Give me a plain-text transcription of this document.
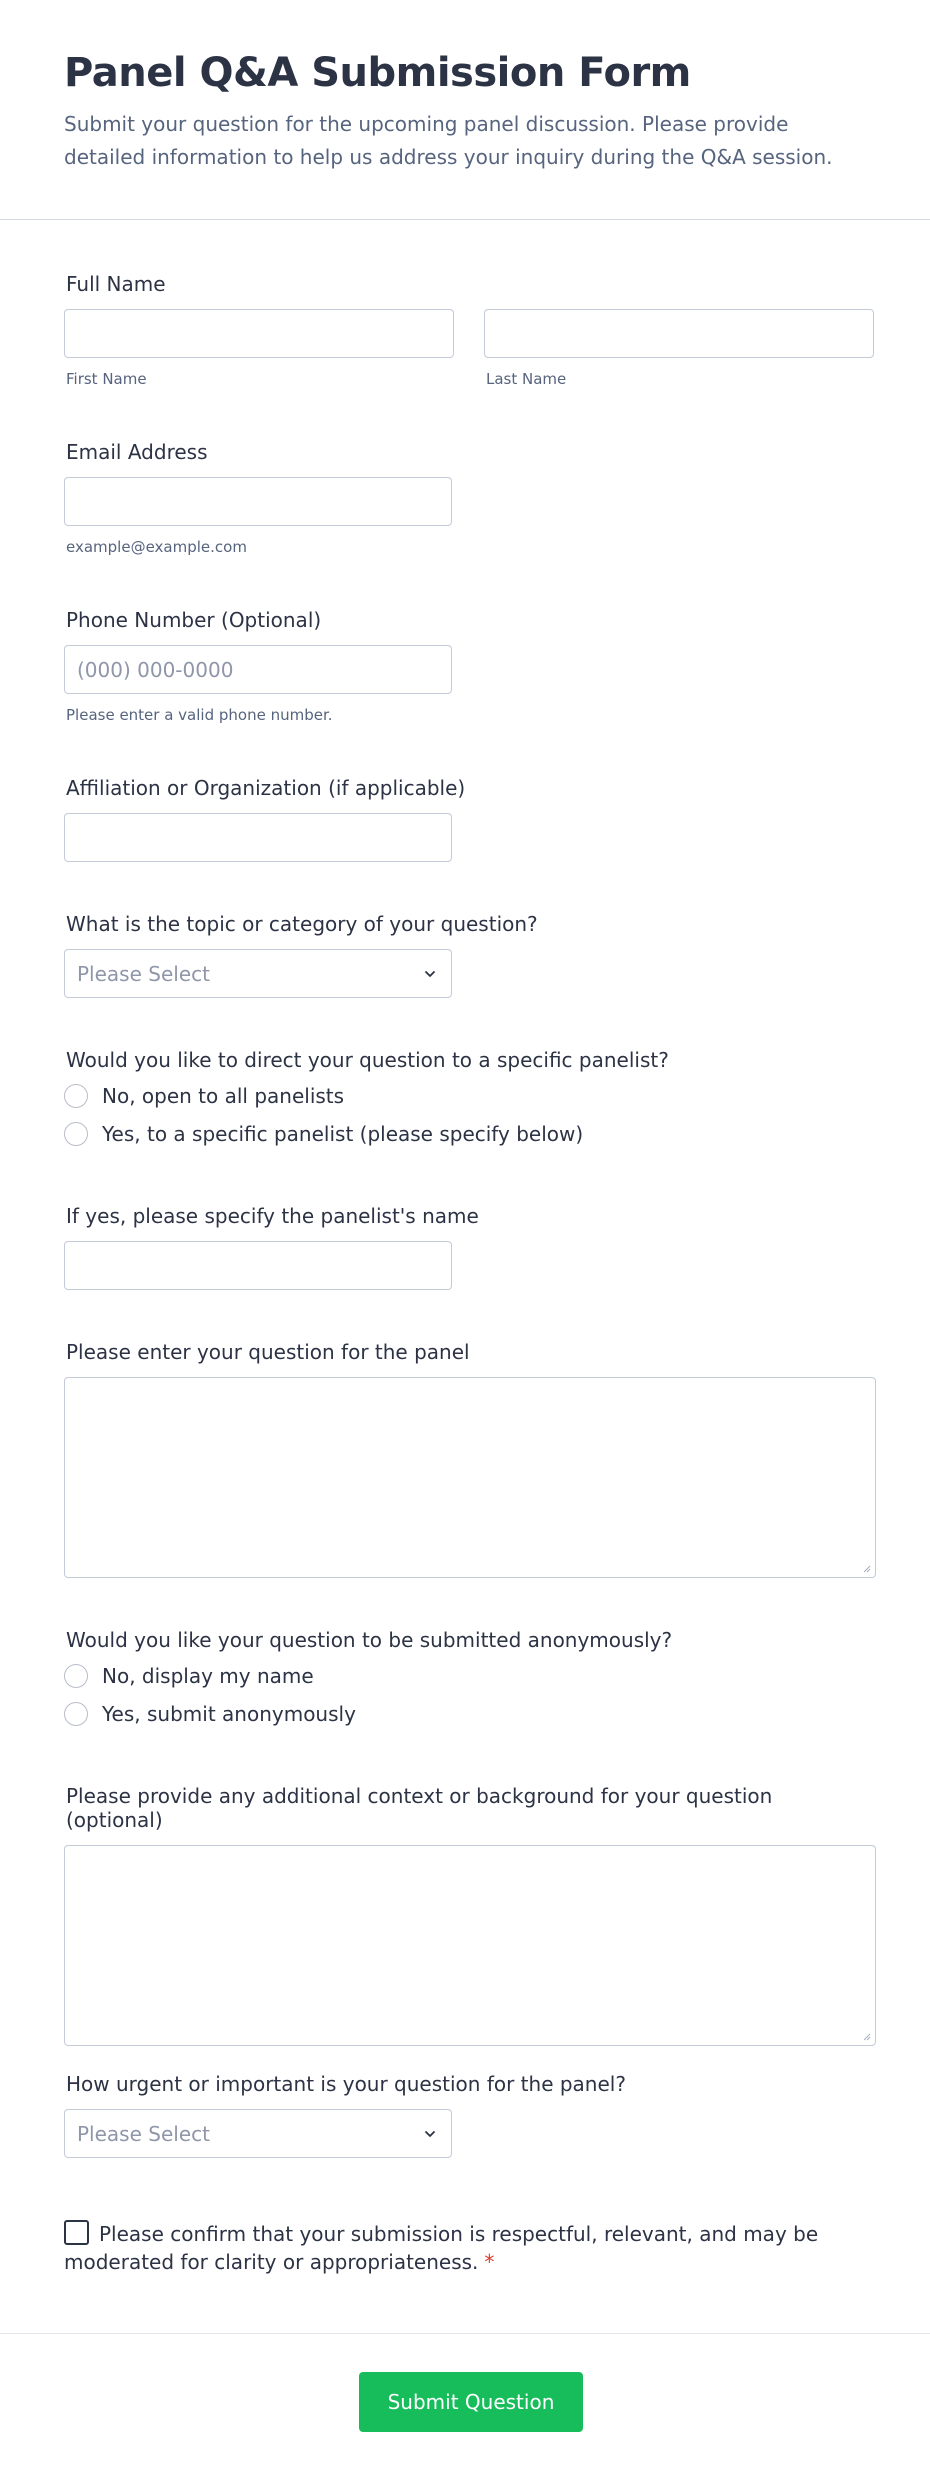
Panel Q&A Submission Form

Submit your question for the upcoming panel discussion. Please provide detailed information to help us address your inquiry during the Q&A session.

Full Name
First Name	Last Name
Email Address
example@example.com
Phone Number (Optional)
(000) 000-0000
Please enter a valid phone number.
Affiliation or Organization (if applicable)
What is the topic or category of your question?
Please Select
Would you like to direct your question to a specific panelist?
No, open to all panelists
Yes, to a specific panelist (please specify below)
If yes, please specify the panelist's name
Please enter your question for the panel
Would you like your question to be submitted anonymously?
No, display my name
Yes, submit anonymously
Please provide any additional context or background for your question (optional)
How urgent or important is your question for the panel?
Please Select
Please confirm that your submission is respectful, relevant, and may be moderated for clarity or appropriateness. *
Submit Question
